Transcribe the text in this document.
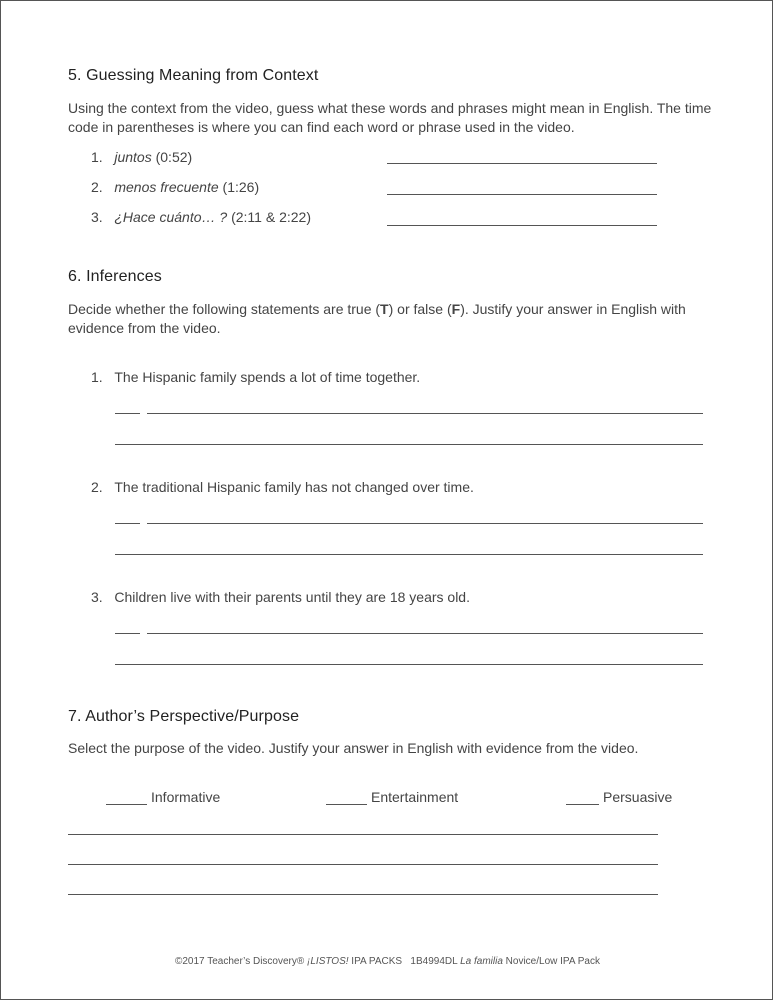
5. Guessing Meaning from Context
Using the context from the video, guess what these words and phrases might mean in English. The time code in parentheses is where you can find each word or phrase used in the video.
1. juntos (0:52)
2. menos frecuente (1:26)
3. ¿Hace cuánto… ? (2:11 & 2:22)
6. Inferences
Decide whether the following statements are true (T) or false (F). Justify your answer in English with evidence from the video.
1. The Hispanic family spends a lot of time together.
2. The traditional Hispanic family has not changed over time.
3. Children live with their parents until they are 18 years old.
7. Author’s Perspective/Purpose
Select the purpose of the video. Justify your answer in English with evidence from the video.
Informative	Entertainment	Persuasive
©2017 Teacher’s Discovery® ¡LISTOS! IPA PACKS   1B4994DL La familia Novice/Low IPA Pack
